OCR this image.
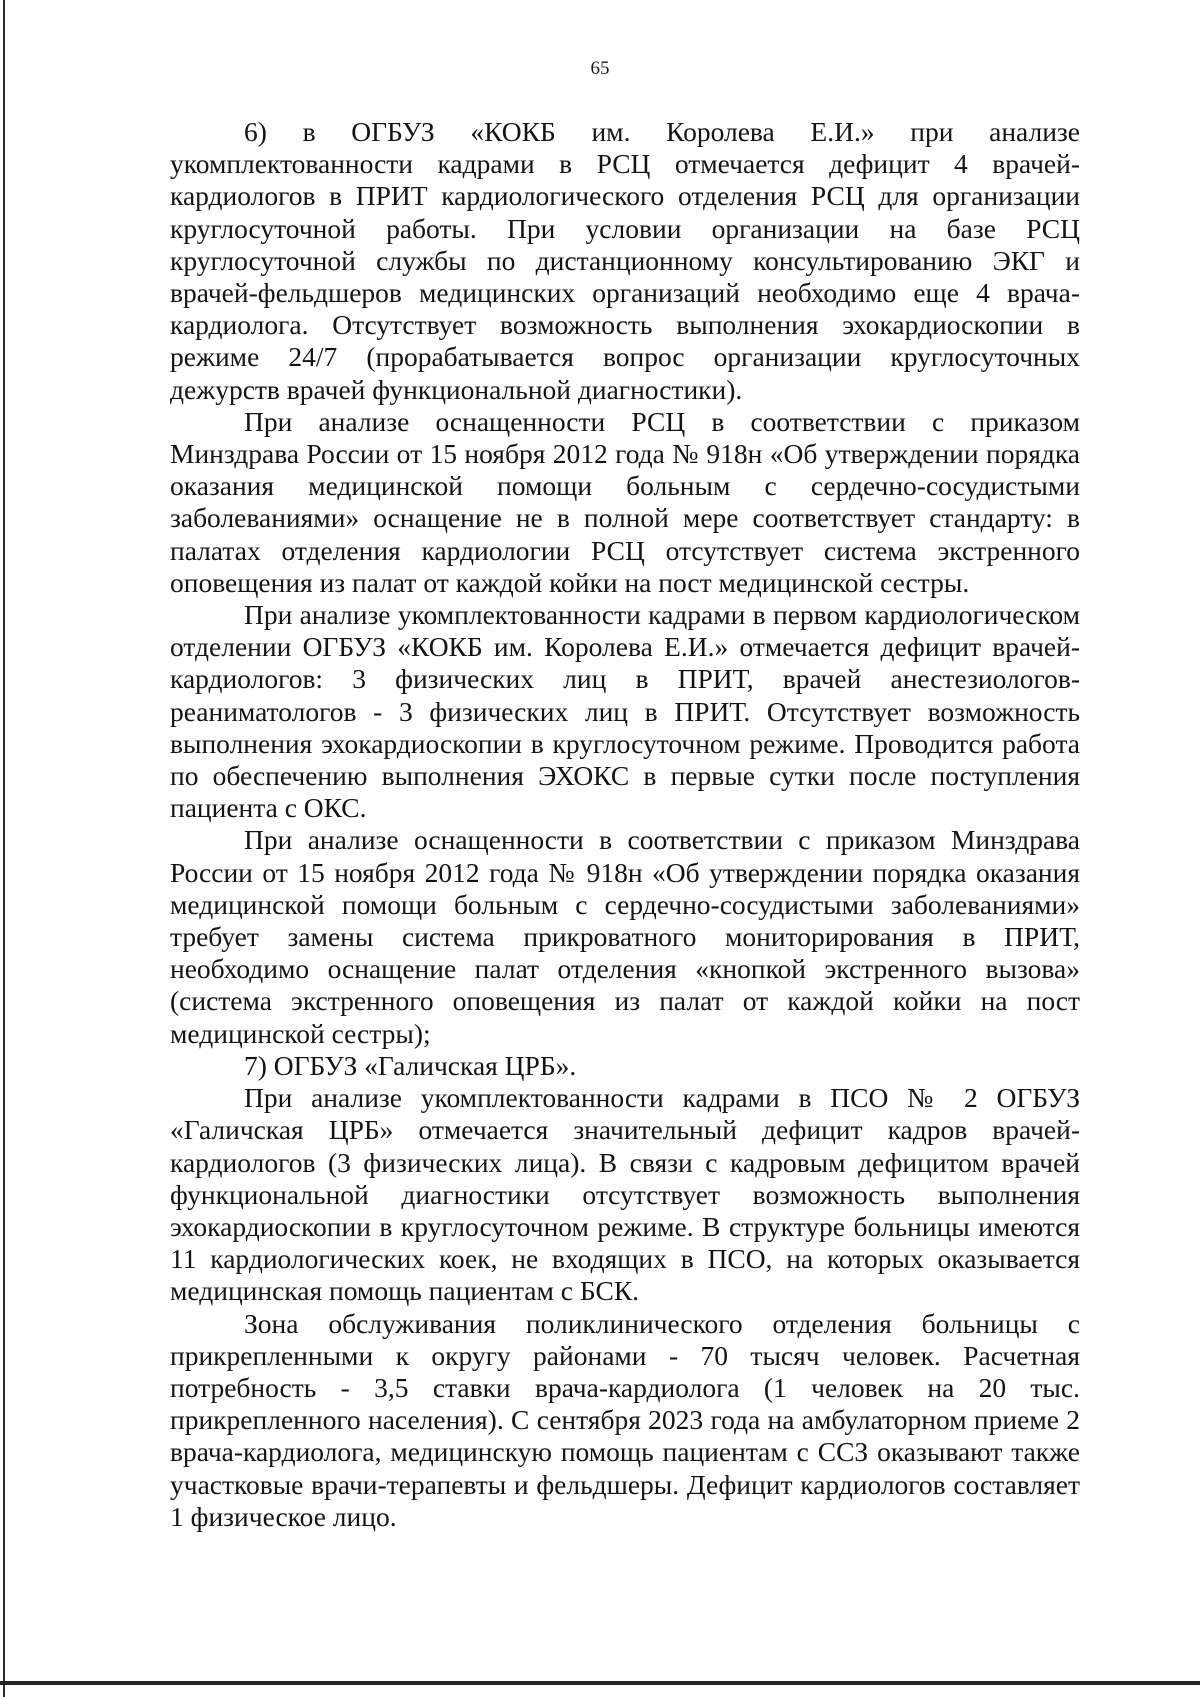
65

6) в ОГБУЗ «КОКБ им. Королева Е.И.» при анализе укомплектованности кадрами в РСЦ отмечается дефицит 4 врачей-кардиологов в ПРИТ кардиологического отделения РСЦ для организации круглосуточной работы. При условии организации на базе РСЦ круглосуточной службы по дистанционному консультированию ЭКГ и врачей-фельдшеров медицинских организаций необходимо еще 4 врача-кардиолога. Отсутствует возможность выполнения эхокардиоскопии в режиме 24/7 (прорабатывается вопрос организации круглосуточных дежурств врачей функциональной диагностики).

При анализе оснащенности РСЦ в соответствии с приказом Минздрава России от 15 ноября 2012 года № 918н «Об утверждении порядка оказания медицинской помощи больным с сердечно-сосудистыми заболеваниями» оснащение не в полной мере соответствует стандарту: в палатах отделения кардиологии РСЦ отсутствует система экстренного оповещения из палат от каждой койки на пост медицинской сестры.

При анализе укомплектованности кадрами в первом кардиологическом отделении ОГБУЗ «КОКБ им. Королева Е.И.» отмечается дефицит врачей-кардиологов: 3 физических лиц в ПРИТ, врачей анестезиологов-реаниматологов - 3 физических лиц в ПРИТ. Отсутствует возможность выполнения эхокардиоскопии в круглосуточном режиме. Проводится работа по обеспечению выполнения ЭХОКС в первые сутки после поступления пациента с ОКС.

При анализе оснащенности в соответствии с приказом Минздрава России от 15 ноября 2012 года № 918н «Об утверждении порядка оказания медицинской помощи больным с сердечно-сосудистыми заболеваниями» требует замены система прикроватного мониторирования в ПРИТ, необходимо оснащение палат отделения «кнопкой экстренного вызова» (система экстренного оповещения из палат от каждой койки на пост медицинской сестры);

7) ОГБУЗ «Галичская ЦРБ».

При анализе укомплектованности кадрами в ПСО № 2 ОГБУЗ «Галичская ЦРБ» отмечается значительный дефицит кадров врачей-кардиологов (3 физических лица). В связи с кадровым дефицитом врачей функциональной диагностики отсутствует возможность выполнения эхокардиоскопии в круглосуточном режиме. В структуре больницы имеются 11 кардиологических коек, не входящих в ПСО, на которых оказывается медицинская помощь пациентам с БСК.

Зона обслуживания поликлинического отделения больницы с прикрепленными к округу районами - 70 тысяч человек. Расчетная потребность - 3,5 ставки врача-кардиолога (1 человек на 20 тыс. прикрепленного населения). С сентября 2023 года на амбулаторном приеме 2 врача-кардиолога, медицинскую помощь пациентам с ССЗ оказывают также участковые врачи-терапевты и фельдшеры. Дефицит кардиологов составляет 1 физическое лицо.
